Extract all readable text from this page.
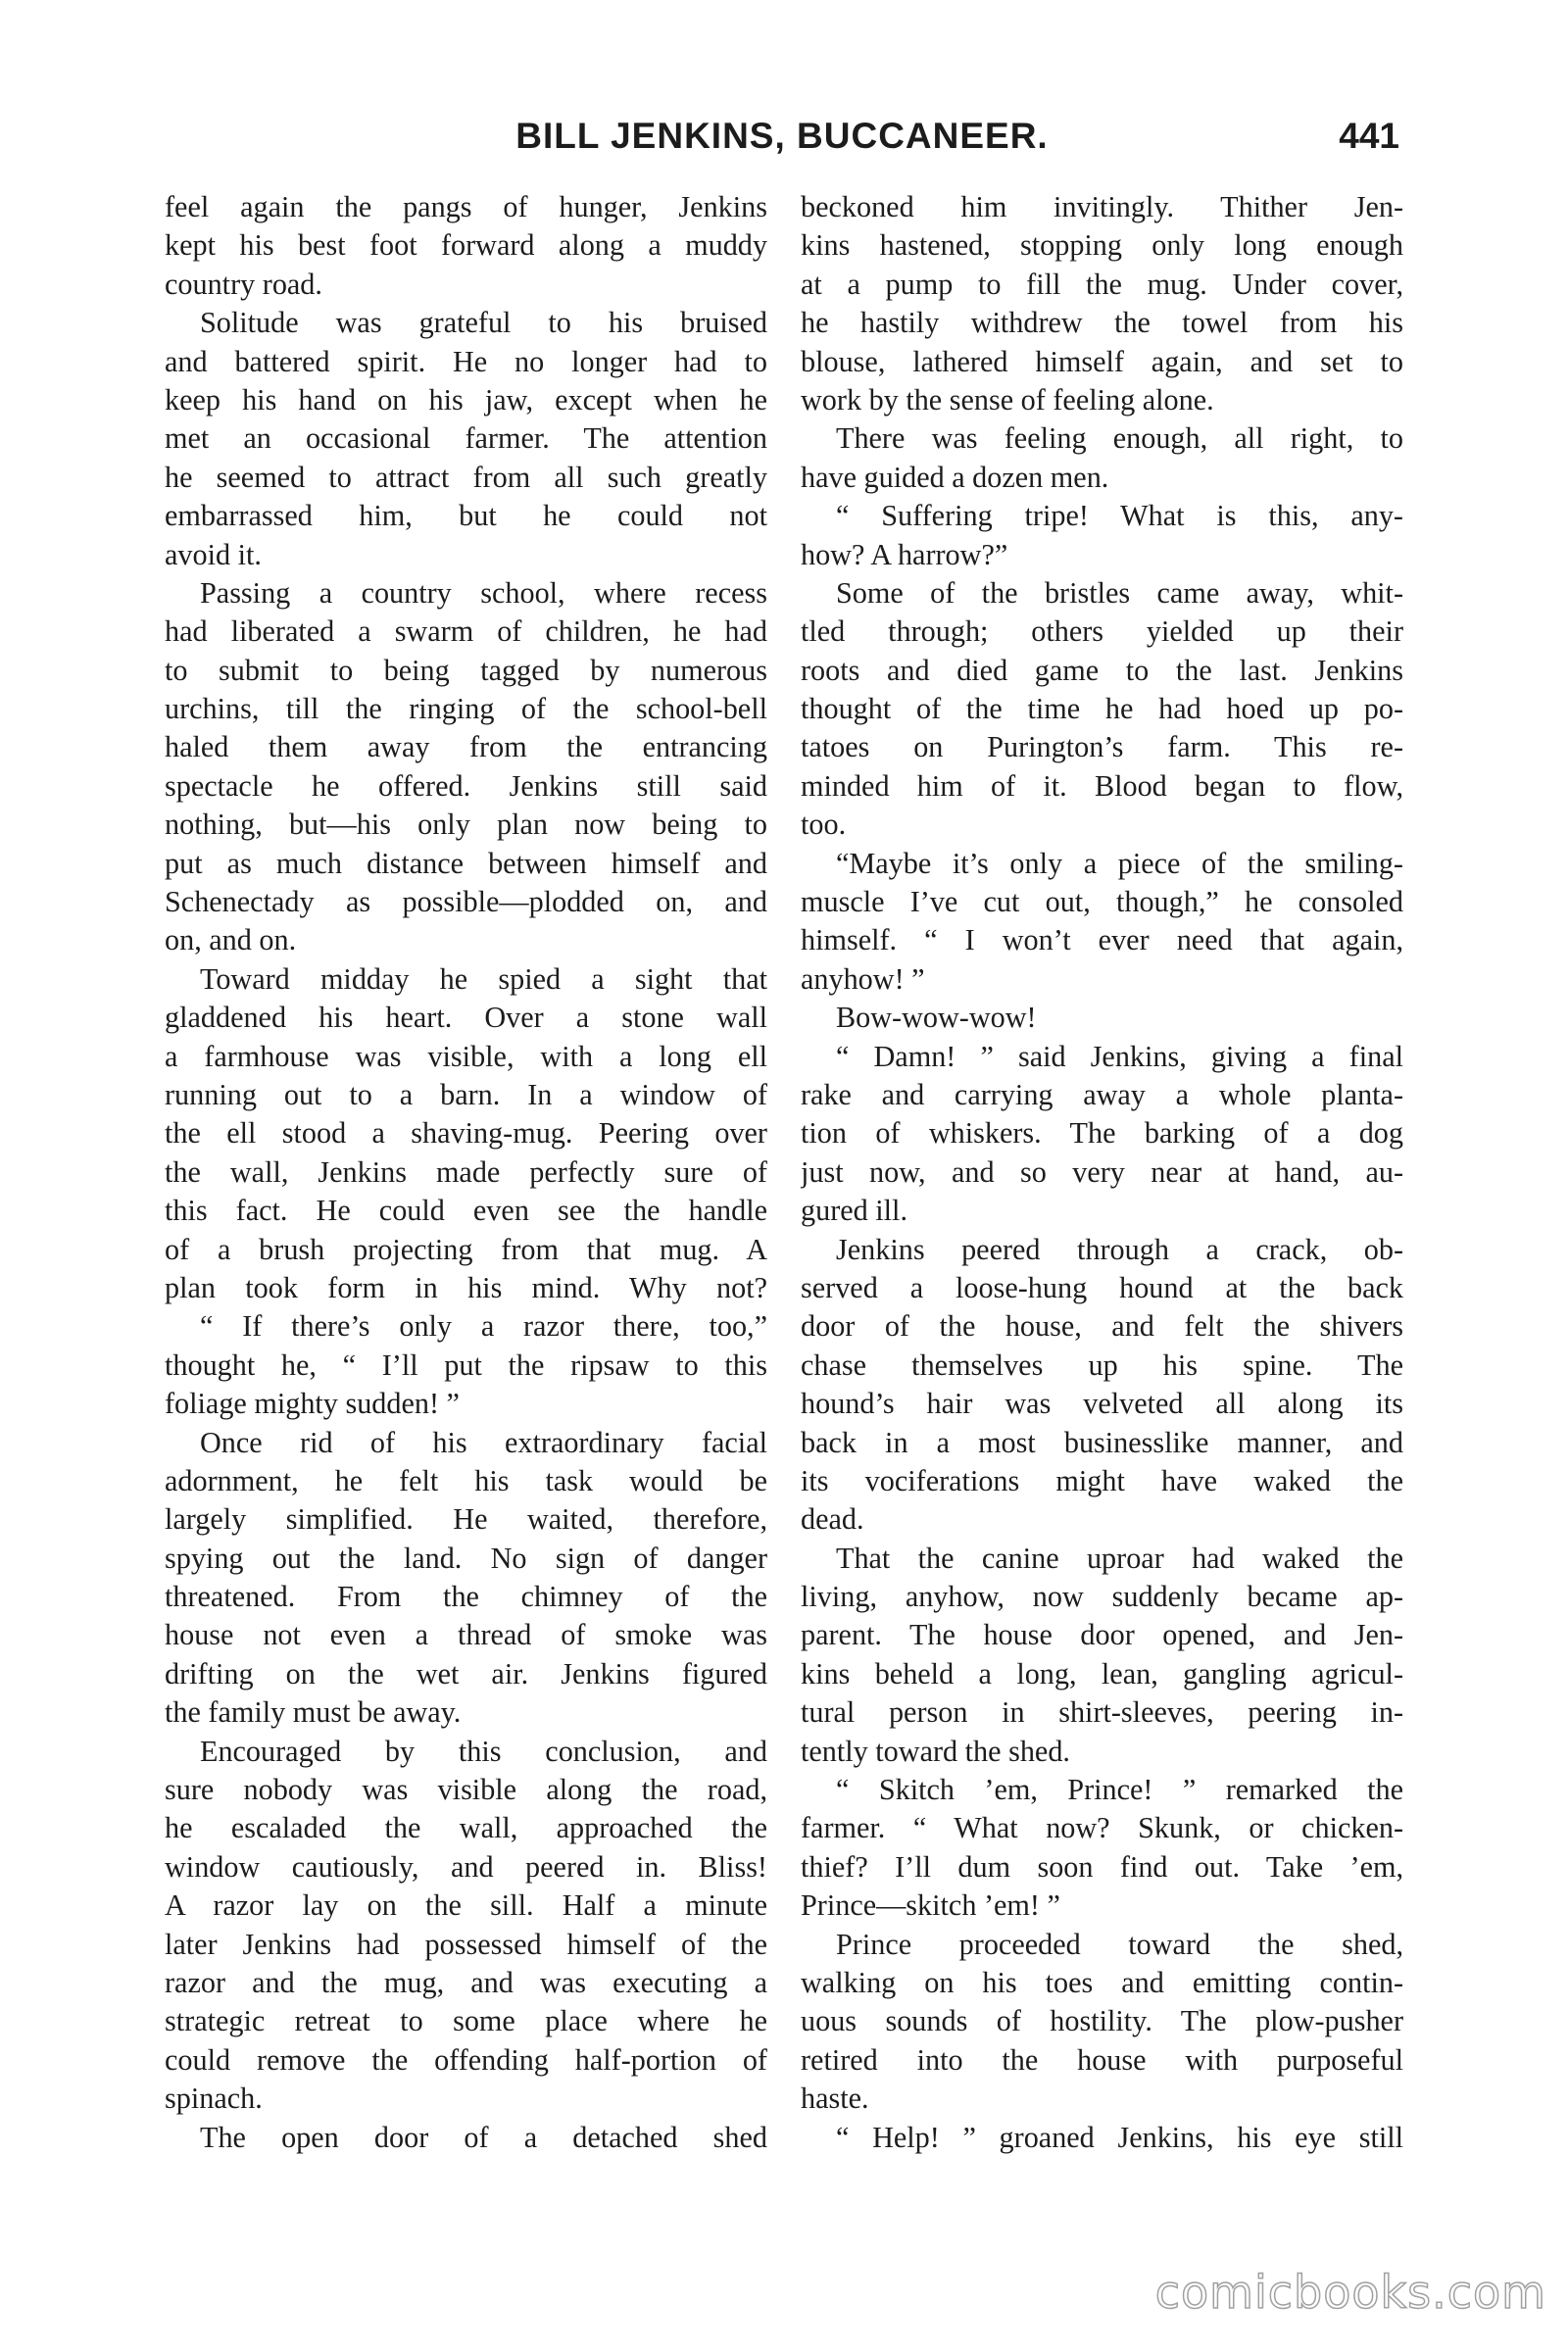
BILL JENKINS, BUCCANEER.	441
feel again the pangs of hunger, Jenkins
kept his best foot forward along a muddy
country road.
Solitude was grateful to his bruised
and battered spirit. He no longer had to
keep his hand on his jaw, except when he
met an occasional farmer. The attention
he seemed to attract from all such greatly
embarrassed him, but he could not
avoid it.
Passing a country school, where recess
had liberated a swarm of children, he had
to submit to being tagged by numerous
urchins, till the ringing of the school-bell
haled them away from the entrancing
spectacle he offered. Jenkins still said
nothing, but—his only plan now being to
put as much distance between himself and
Schenectady as possible—plodded on, and
on, and on.
Toward midday he spied a sight that
gladdened his heart. Over a stone wall
a farmhouse was visible, with a long ell
running out to a barn. In a window of
the ell stood a shaving-mug. Peering over
the wall, Jenkins made perfectly sure of
this fact. He could even see the handle
of a brush projecting from that mug. A
plan took form in his mind. Why not?
“ If there’s only a razor there, too,”
thought he, “ I’ll put the ripsaw to this
foliage mighty sudden! ”
Once rid of his extraordinary facial
adornment, he felt his task would be
largely simplified. He waited, therefore,
spying out the land. No sign of danger
threatened. From the chimney of the
house not even a thread of smoke was
drifting on the wet air. Jenkins figured
the family must be away.
Encouraged by this conclusion, and
sure nobody was visible along the road,
he escaladed the wall, approached the
window cautiously, and peered in. Bliss!
A razor lay on the sill. Half a minute
later Jenkins had possessed himself of the
razor and the mug, and was executing a
strategic retreat to some place where he
could remove the offending half-portion of
spinach.
The open door of a detached shed
beckoned him invitingly. Thither Jen-
kins hastened, stopping only long enough
at a pump to fill the mug. Under cover,
he hastily withdrew the towel from his
blouse, lathered himself again, and set to
work by the sense of feeling alone.
There was feeling enough, all right, to
have guided a dozen men.
“ Suffering tripe! What is this, any-
how? A harrow?”
Some of the bristles came away, whit-
tled through; others yielded up their
roots and died game to the last. Jenkins
thought of the time he had hoed up po-
tatoes on Purington’s farm. This re-
minded him of it. Blood began to flow,
too.
“Maybe it’s only a piece of the smiling-
muscle I’ve cut out, though,” he consoled
himself. “ I won’t ever need that again,
anyhow! ”
Bow-wow-wow!
“ Damn! ” said Jenkins, giving a final
rake and carrying away a whole planta-
tion of whiskers. The barking of a dog
just now, and so very near at hand, au-
gured ill.
Jenkins peered through a crack, ob-
served a loose-hung hound at the back
door of the house, and felt the shivers
chase themselves up his spine. The
hound’s hair was velveted all along its
back in a most businesslike manner, and
its vociferations might have waked the
dead.
That the canine uproar had waked the
living, anyhow, now suddenly became ap-
parent. The house door opened, and Jen-
kins beheld a long, lean, gangling agricul-
tural person in shirt-sleeves, peering in-
tently toward the shed.
“ Skitch ’em, Prince! ” remarked the
farmer. “ What now? Skunk, or chicken-
thief? I’ll dum soon find out. Take ’em,
Prince—skitch ’em! ”
Prince proceeded toward the shed,
walking on his toes and emitting contin-
uous sounds of hostility. The plow-pusher
retired into the house with purposeful
haste.
“ Help! ” groaned Jenkins, his eye still
comicbooks.com
